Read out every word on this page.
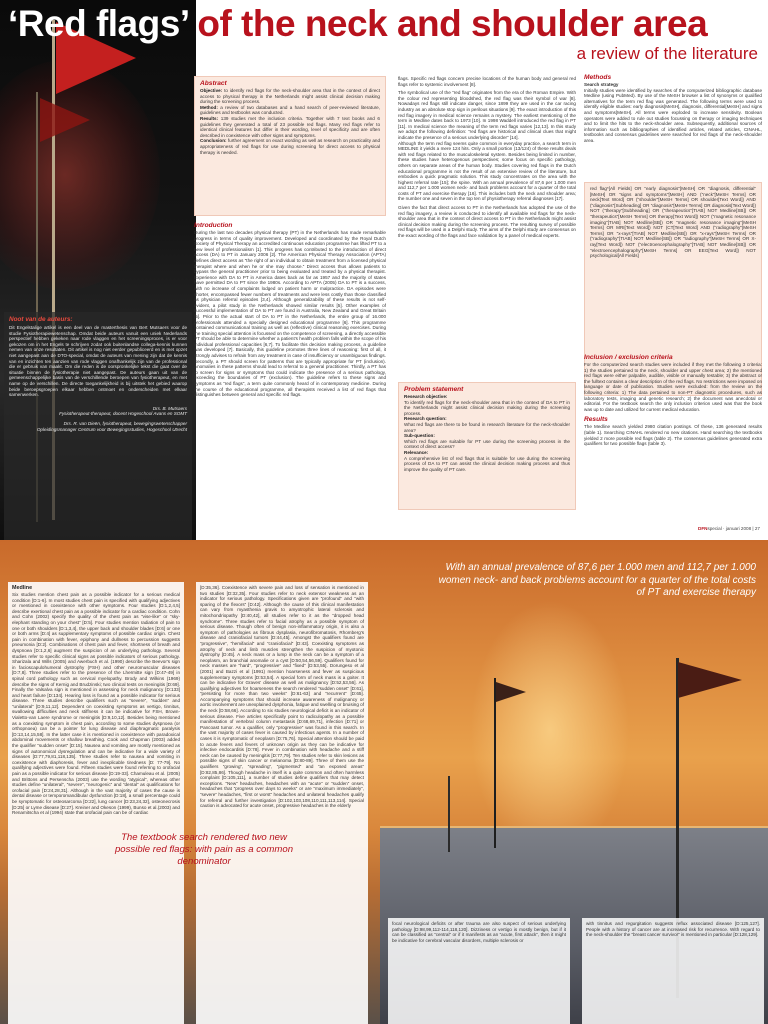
‘Red flags’ of the neck and shoulder area
a review of the literature
Abstract

Objective: to identify red flags for the neck-shoulder area that in the context of direct access to physical therapy in the Netherlands might assist clinical decision making during the screening process.
Method: a review of two databases and a hand search of peer-reviewed literature, guidelines and textbooks was conducted.
Results: 139 studies met the inclusion criteria. Together with 7 text books and 6 guidelines they generated a total of 23 possible red flags. Many red flags refer to identical clinical features but differ in their wording, level of specificity and are often described in coexistence with other signs and symptoms.
Conclusion: further agreement on exact wording as well as research on practicality and appropriateness of red flags for use during screening for direct access to physical therapy is needed.

Introduction

During the last two decades physical therapy (PT) in the Netherlands has made remarkable progress in terms of quality improvement. Developed and coordinated by the Royal Dutch Society of Physical Therapy an accredited continuous education programme has lifted PT to a new level of professionalism [1]. This progress has contributed to the introduction of direct access (DA) to PT in January 2006 [2]. The American Physical Therapy Association (APTA) defines direct access as “the right of an individual to obtain treatment from a licensed physical therapist where and when he or she may choose.” Direct access thus allows patients to bypass the general practitioner prior to being evaluated and treated by a physical therapist. Experience with DA to PT in America dates back as far as 1957 and the majority of states have permitted DA to PT since the 1980s. According to APTA (2005) DA to PT is a success, with no increase of complaints lodged on patient harm or malpractice. DA episodes were shorter, encompassed fewer numbers of treatments and were less costly than those classified as physician referral episodes [3,4]. Although generalizability of these results is not self-evident, a pilot study in the Netherlands showed similar results [5]. Other examples of successful implementation of DA to PT are found in Australia, New Zealand and Great Britain [5]. Prior to the actual start of DA to PT in the Netherlands, the entire group of 16.000 professionals attended a specially designed educational programme [6]. This programme contained communicational training as well as (reflective) clinical reasoning exercises. During the training special attention is focussed on the competence of screening, a directly accessible PT should be able to determine whether a patient’s health problem falls within the scope of his individual professional capacities [6,7]. To facilitate this decision making process, a guideline was developed [7]. Basically, this guideline promotes three lines of reasoning: first of all, it strongly advises to refrain from any treatment in case of insufficiency or unambiguous findings. Secondly, a PT should screen for patterns that are typically appropriate for PT (inclusion). Anomalies in these patterns should lead to referral to a general practitioner. Thirdly, a PT has to screen for signs or symptoms that could indicate the presence of a serious pathology, exceeding the boundaries of PT (exclusion). The guideline refers to these signs and symptoms as “red flags”, a term quite commonly heard of in contemporary medicine. During the course of the educational programme, all therapists received a list of red flags that distinguishes between general and specific red flags.

flags. Specific red flags concern precise locations of the human body and general red flags refer to systemic involvement [8].

The symbolical use of the “red flag” originates from the era of the Roman Empire. With the colour red representing bloodshed, the red flag was their symbol of war [8]. Nowadays red flags still indicate danger, since 1899 they are used in the car racing industry as an absolute stop sign in perilous situations [9]. The exact introduction of this red flag imagery in medical science remains a mystery. The earliest mentioning of the term in Medline dates back to 1973 [10]. In 1998 Waddell introduced the red flag in PT [11]. In medical science the meaning of the term red flags varies [12,13]. In this study we adopt the following definition: “red flags are historical and clinical clues that might indicate the presence of a serious underlying disorder” [14].

Although the term red flag seems quite common in everyday practice, a search term in MEDLINE it yields a mere 124 hits. Only a small portion (13/124) of these results deals with red flags related to the musculoskeletal system. Besides being limited in number, these studies have heterogenous perspectives; some focus on specific pathology, others on separate areas of the human body. Studies covering red flags in the Dutch educational programme is not the result of an extensive review of the literature, but embodies a quick pragmatic solution. This study concentrates on the area with the highest referral rate [15]; the spine. With an annual prevalence of 87,6 per 1.000 men and 112,7 per 1.000 women neck- and back problems account for a quarter of the total costs of PT and exercise therapy [16]. This includes both the neck and shoulder area; the number one and seven in the top ten of physiotherapy referral diagnoses [17].

Given the fact that direct access to PT in the Netherlands has adopted the use of the red flag imagery, a review is conducted to identify all available red flags for the neck-shoulder area that in the context of direct access to PT in the Netherlands might assist clinical decision making during the screening process. The resulting survey of possible red flags will be used in a Delphi study. The aims of the Delphi study are consensus on the exact wording of the flags and face validation by a panel of medical experts.

Problem statement

Research objective:
To identify red flags for the neck-shoulder area that in the context of DA to PT in the Netherlands might assist clinical decision making during the screening process.
Research question:
What red flags are there to be found in research literature for the neck-shoulder area?
Sub-question:
Which red flags are suitable for PT use during the screening process in the context of direct access?
Relevance:
A comprehensive list of red flags that is suitable for use during the screening process of DA to PT can assist the clinical decision making process and thus improve the quality of PT care.

Methods
Search strategy

Initially studies were identified by searches of the computerized bibliographic database Medline (using PubMed). By use of the MeSH browser a list of synonyms or qualified alternatives for the term red flag was generated. The following terms were used to identify eligible studies: early diagnosis[MeSH], diagnosis, differential[MeSH] and signs and symptoms[MeSH]. All terms were exploded to increase sensitivity. Boolean operators were added to rule out studies focussing on therapy or imaging techniques and to limit the hits to the neck-shoulder area. Subsequently, additional sources of information such as bibliographies of identified articles, related articles, CINAHL, textbooks and consensus guidelines were searched for red flags of the neck-shoulder area.

red flag*[All Fields] OR "early diagnosis"[MeSH] OR "diagnosis, differential"[MeSH] OR "signs and symptoms"[MeSH] AND ("neck"[MeSH Terms] OR neck[Text Word] OR ("shoulder"[MeSH Terms] OR shoulder[Text Word]) AND ("diagnosis"[Subheading] OR "diagnosis"[MeSH Terms] OR diagnosis[Text Word]) NOT ("therapy"[Subheading] OR ("therapeutics"[TIAB] NOT Medline[SB]) OR "therapeutics"[MeSH Terms] OR therapy[Text Word]) NOT ("magnetic resonance imaging"[TIAB] NOT Medline[SB]) OR "magnetic resonance imaging"[MeSH Terms] OR MRI[Text Word]) NOT (CT[Text Word] AND ("radiography"[MeSH Terms] OR "x-rays"[TIAB] NOT Medline[SB]) OR "x-rays"[MeSH Terms] OR ("radiography"[TIAB] NOT Medline[SB]) OR "radiography"[MeSH Terms] OR X-ray[Text Word]) NOT ("electroencephalography"[TIAB] NOT Medline[SB]) OR "electroencephalography"[MeSH Terms] OR EEG[Text Word]) NOT psychological[All Fields]

Inclusion / exclusion criteria

For the computerized search studies were included if they met the following 3 criteria: 1) the studies pertained to the neck, shoulder and upper chest area; 2) the mentioned red flags were either palpable, audible, visible or manually testable; 3) the abstract or the fulltext contains a clear description of the red flags. No restrictions were imposed on language or date of publication. Studies were excluded: from the review on the following criteria: 1) The data pertained to non-PT diagnostic procedures, such as laboratory tests, imaging and genetic research; 2) the document was anecdotal or editorial. For the textbook search the only inclusion criterion used was that the book was up to date and utilized for current medical education.

Results

The Medline search yielded 2980 citation postings. Of these, 136 generated results (table 1). Searching CINAHL rendered no new citations. Hand searching the textbooks yielded 2 more possible red flags (table 2). The consensus guidelines generated extra qualifiers for two possible flags (table 3).

Noot van de auteurs:

Dit Engelstalige artikel is een deel van de masterthesis van Bert Mutsaers voor de studie Fysiotherapiewetenschap. Omdat beide auteurs vanuit een uniek Nederlands perspectief hebben gekeken naar rode vlaggen en het screeningsproces, is er voor gekozen om in het Engels te schrijven zodat ook buitenlandse collega-kennis kunnen nemen van onze resultaten. Dit artikel is nog niet eerder gepubliceerd en is met opzet niet aangepast aan de DTO-special, omdat de auteurs van mening zijn dat de kennis van en inzichten ten aanzien van rode vlaggen onafhankelijk zijn van de professional die er gebruik van maakt. Om die reden is de oorspronkelijke tekst die gaat over de situatie binnen de fysiotherapie niet aangepast. De auteurs gaan uit van de gemeenschappelijke basis van de verschillende beroepen van fysiotherapeut, en met name op de verschillen. De directe toegankelijkheid is bij uitstek het gebied waarop beide beroepsgroepen elkaar hebben ontmoet en onderscheiden met elkaar samenwerken.

Drs. B. Mutsaers
Fysiotherapeut-therapeut, docent Hogeschool Avans en SOMT

Drs. R. van Dieën, fysiotherapeut, bewegingswetenschapper
Opleidingsmanager Centrum voor Bewegingsstudies, Hogeschool Utrecht

DFNspecial · januari 2008 | 27
With an annual prevalence of 87,6 per 1.000 men and 112,7 per 1.000 women neck- and back problems account for a quarter of the total costs of PT and exercise therapy
Medline

Six studies mention chest pain as a possible indicator for a serious medical condition [D:1-6]. In most studies chest pain is specified with qualifying adjectives or mentioned in coexistence with other symptoms. Four studies [D:1,2,4,5] describe exertional chest pain as a possible indicator for a cardiac condition. Cohn and Cohn (2002) specify the quality of the chest pain as “vise-like” or “sky-elephant standing on your chest” [D:5]. Four studies mention radiation of pain to one or both shoulders [D:1,3,4], the upper back and shoulder blades [D:6] or one or both arms [D:4] as supplementary symptoms of possible cardiac origin. Chest pain in combination with fever, epiphony and dullness to percussion suggests pneumonia [D:2]. Combinations of chest pain and fever, shortness of breath and dyspnoea [D:1,2,6] augment the suspicion of an underlying pathology. Several studies refer to specific clinical signs as possible indicators of serious pathology. Sharizala and Wills (2005) and Awerbuch et al. (1990) describe the Beevor's sign in facioscapulohumeral dystrophy (FSH) and other neuromuscular diseases [D:7,8]. Three studies refer to the presence of the Lhermitte sign [D:47-49] in spinal cord pathology such as cervical myelopathy. Brody and Wilkins (1969) describe the signs of Kernig and Brudzinski; two clinical tests on meningitis [D:69]. Finally the Valsalva sign is mentioned in assessing for neck malignancy [D:133] and heart failure [D:134]. Hearing loss is found as a possible indicator for serious disease. Three studies describe qualifiers such as “severe”, “sudden” and “unilateral” [D:9,11,12]. Dependent on coexisting symptoms as vertigo, tinnitus, swallowing difficulties and neck stiffness it can be indicative for FSH, Brown-Vialetto-van Laere syndrome or meningitis [D:9,10,12]. Besides being mentioned as a coexisting symptom in chest pain, according to some studies dyspnoea (or orthopnoea) can be a pointer for lung disease and diaphragmatic paralysis [D:13,14,15,58]. In the latter case it is mentioned in coexistence with paradoxical abdominal movements or shallow breathing. Cook and Chapman (2003) added the qualifier “sudden onset” [D:15]. Nausea and vomiting are mostly mentioned as signs of autonomical dysregulation and can be indicative for a wide variety of diseases [D:77,79,81,118,135]. Three studies refer to nausea and vomiting in coexistence with diaphoresis, fever and inexplicable tiredness [D: 77-79]. No qualifying adjectives were found. Fifteen studies were found referring to orofacial pain as a possible indicator for serious disease [D:19-33]. Chamuleau et al. (2005) and Brittons and Persenscha (2003) use the wording “atypical”, whereas other studies define “unilateral”, “severe”, “neurogenic” and “dental” as qualifications for orofacial pain [D:24,28,31]. Although in the vast majority of cases the cause is dental disease or temporomandibular dysfunction [D:18], a small percentage could be symptomatic for osteosarcoma [D:22], lung cancer [D:23,24,32], osteonecrosis [D:25] or Lyme disease [D:27]. Kreiner and Okeson (1999), Bunso et al.(2003) and Renamitscha et al (1994) state that orofacial pain can be of cardiac

[D:35,36]. Coexistence with severe pain and loss of sensation is mentioned in two studies [D:32,35]. Four studies refer to neck extensor weakness as an indicator for serious pathology. Specifications given are “profound” and “with sparing of the flexors” [D:42]. Although the cause of this clinical manifestation can vary from myasthenia gravis to amyotrophic lateral sclerosis and mitochondriopathy [D:40,42], all studies refer to it as the “dropped head syndrome”. Three studies refer to facial atrophy as a possible symptom of serious disease. Though often of benign non-inflammatory origin, it is also a symptom of pathologies as fibrous dysplasia, neurofibromatosis, Rhomberg's disease and craniofacial tumors [D:44,45]. Amongst the qualifiers found are “progressive”, “hemifacial” and “craniofacial” [D:43]. Coexisting symptoms as atrophy of neck and limb muscles strengthen the suspicion of myotonic dystrophy [D:45]. A neck mass or a lump in the neck can be a symptom of a neoplasm, an branchial anomalie or a cyst [D:50,54,56,59]. Qualifiers found for neck masses are “hard”, “progressive” and “fixed” [D:53,55]. Dorungeso et al (2001) and Bazzi et al (1991) mention hoarseness and fever as suspicious supplementary symptoms [D:53,54]. A special form of neck mass is a goiter. It can be indicative for Graves' disease as well as malignancy [D:52,53,56]. As qualifying adjectives for hoarseness the search rendered “sudden onset” [D:61], “persisting for more than two weeks” [D:61-63] and “recurrent” [D:65]. Accompanying symptoms that should increase awareness of malignancy or aortic involvement are unexplained dysphonia, fatigue and swelling or bruising of the neck [D:58,66]. According to six studies neurological deficit is an indicator of serious disease. Five articles specifically point to radiculopathy as a possible manifestation of vertebral column metastasis [D:68,69,71], infection [D:71] or Pancoast tumor. As a qualifier, only “progressive” was found in this search. In the vast majority of cases fever is caused by infectious agents. In a number of cases it is symptomatic of neoplasm [D:75,76]. Special attention should be paid to acute fevers and fevers of unknown origin as they can be indicative for infective endocarditis [D:78]. Fever in combination with headache and a stiff neck can be caused by meningitis [D:77,79]. Ten studies refer to skin lesions as possible signs of skin cancer or melanoma [D:80-89]. Three of them use the qualifiers “growing”, “spreading”, “pigmented” and “an exposed areas” [D:82,85,86]. Though headache in itself is a quite common and often harmless complaint [D:105,111], a number of studies define qualifiers that may detect exceptions. “New” headaches, headaches with an “acute” or “sudden” onset, headaches that “progress over days to weeks” or are “maximum immediately”, “severe” headaches, “first or worst” headaches and unilateral headaches qualify for referral and further investigation [D:102,103,108,110,111,113,114]. Special caution is advocated for acute onset, progressive headaches in the elderly

The textbook search rendered two new possible red flags: with pain as a common denominator

focal neurological deficits or after trauma are also suspect of serious underlying pathology [D:98,99,112-114,118,120]. Dizziness or vertigo is mostly benign, but if it can be classified as “central” or if it manifests as an “acute, first attack”, then it might be indicative for cerebral vascular disorders, multiple sclerosis or

with tinnitus and regurgitation suggests reflux associated disease [D:125,127]. People with a history of cancer are at increased risk for recurrence. With regard to the neck-shoulder the “breast cancer survivor” is mentioned in particular [D:128,129].
